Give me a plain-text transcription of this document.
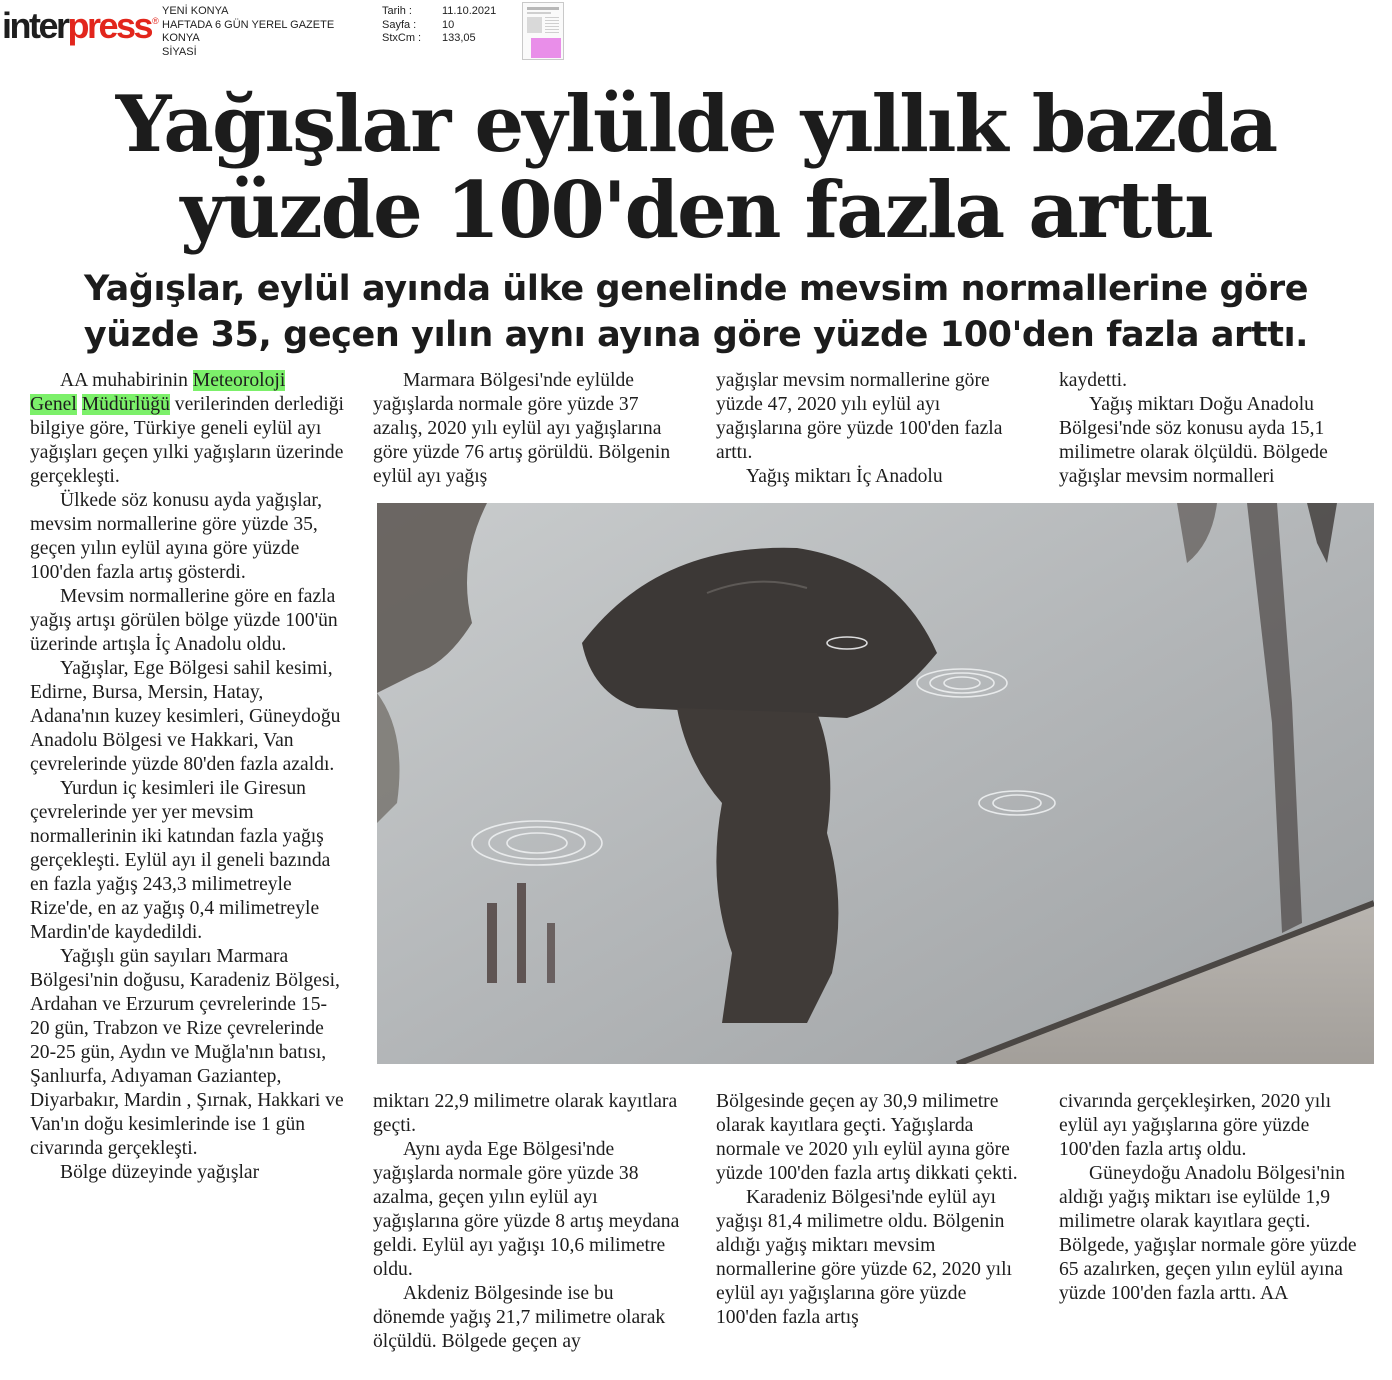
interpress ®
YENİ KONYA
HAFTADA 6 GÜN YEREL GAZETE
KONYA
SİYASİ
Tarih :	11.10.2021
Sayfa :	10
StxCm :	133,05
Yağışlar eylülde yıllık bazda
yüzde 100'den fazla arttı
Yağışlar, eylül ayında ülke genelinde mevsim normallerine göre
yüzde 35, geçen yılın aynı ayına göre yüzde 100'den fazla arttı.

AA muhabirinin Meteoroloji
Genel Müdürlüğü verilerinden derlediği bilgiye göre, Türkiye geneli eylül ayı yağışları geçen yılki yağışların üzerinde gerçekleşti.

Ülkede söz konusu ayda yağışlar, mevsim normallerine göre yüzde 35, geçen yılın eylül ayına göre yüzde 100'den fazla artış gösterdi.

Mevsim normallerine göre en fazla yağış artışı görülen bölge yüzde 100'ün üzerinde artışla İç Anadolu oldu.

Yağışlar, Ege Bölgesi sahil kesimi, Edirne, Bursa, Mersin, Hatay, Adana'nın kuzey kesimleri, Güneydoğu Anadolu Bölgesi ve Hakkari, Van çevrelerinde yüzde 80'den fazla azaldı.

Yurdun iç kesimleri ile Giresun çevrelerinde yer yer mevsim normallerinin iki katından fazla yağış gerçekleşti. Eylül ayı il geneli bazında en fazla yağış 243,3 milimetreyle Rize'de, en az yağış 0,4 milimetreyle Mardin'de kaydedildi.

Yağışlı gün sayıları Marmara Bölgesi'nin doğusu, Karadeniz Bölgesi, Ardahan ve Erzurum çevrelerinde 15-20 gün, Trabzon ve Rize çevrelerinde 20-25 gün, Aydın ve Muğla'nın batısı, Şanlıurfa, Adıyaman Gaziantep, Diyarbakır, Mardin , Şırnak, Hakkari ve Van'ın doğu kesimlerinde ise 1 gün civarında gerçekleşti.

Bölge düzeyinde yağışlar

Marmara Bölgesi'nde eylülde yağışlarda normale göre yüzde 37 azalış, 2020 yılı eylül ayı yağışlarına göre yüzde 76 artış görüldü. Bölgenin eylül ayı yağış

yağışlar mevsim normallerine göre yüzde 47, 2020 yılı eylül ayı yağışlarına göre yüzde 100'den fazla arttı.

Yağış miktarı İç Anadolu

kaydetti.

Yağış miktarı Doğu Anadolu Bölgesi'nde söz konusu ayda 15,1 milimetre olarak ölçüldü. Bölgede yağışlar mevsim normalleri

miktarı 22,9 milimetre olarak kayıtlara geçti.

Aynı ayda Ege Bölgesi'nde yağışlarda normale göre yüzde 38 azalma, geçen yılın eylül ayı yağışlarına göre yüzde 8 artış meydana geldi. Eylül ayı yağışı 10,6 milimetre oldu.

Akdeniz Bölgesinde ise bu dönemde yağış 21,7 milimetre olarak ölçüldü. Bölgede geçen ay

Bölgesinde geçen ay 30,9 milimetre olarak kayıtlara geçti. Yağışlarda normale ve 2020 yılı eylül ayına göre yüzde 100'den fazla artış dikkati çekti.

Karadeniz Bölgesi'nde eylül ayı yağışı 81,4 milimetre oldu. Bölgenin aldığı yağış miktarı mevsim normallerine göre yüzde 62, 2020 yılı eylül ayı yağışlarına göre yüzde 100'den fazla artış

civarında gerçekleşirken, 2020 yılı eylül ayı yağışlarına göre yüzde 100'den fazla artış oldu.

Güneydoğu Anadolu Bölgesi'nin aldığı yağış miktarı ise eylülde 1,9 milimetre olarak kayıtlara geçti. Bölgede, yağışlar normale göre yüzde 65 azalırken, geçen yılın eylül ayına yüzde 100'den fazla arttı. AA
